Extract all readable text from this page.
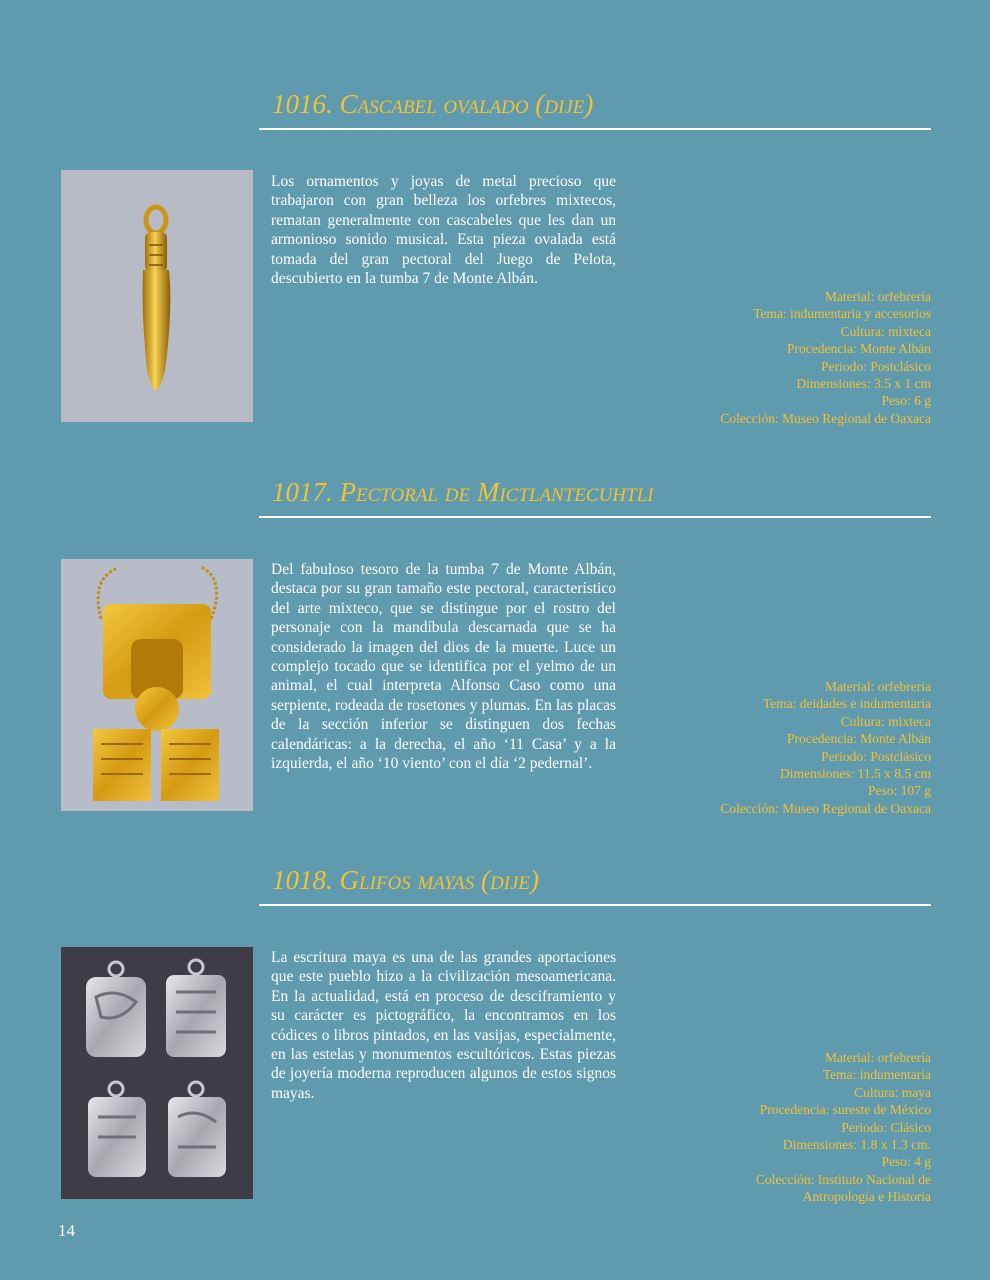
1016. Cascabel ovalado (dije)
Los ornamentos y joyas de metal precioso que trabajaron con gran belleza los orfebres mixtecos, rematan generalmente con cascabeles que les dan un armonioso sonido musical. Esta pieza ovalada está tomada del gran pectoral del Juego de Pelota, descubierto en la tumba 7 de Monte Albán.
Material: orfebrería
Tema: indumentaria y accesorios
Cultura: mixteca
Procedencia: Monte Albán
Periodo: Postclásico
Dimensiones: 3.5 x 1 cm
Peso: 6 g
Colección: Museo Regional de Oaxaca
1017. Pectoral de Mictlantecuhtli
Del fabuloso tesoro de la tumba 7 de Monte Albán, destaca por su gran tamaño este pectoral, característico del arte mixteco, que se distingue por el rostro del personaje con la mandíbula descarnada que se ha considerado la imagen del dios de la muerte. Luce un complejo tocado que se identifica por el yelmo de un animal, el cual interpreta Alfonso Caso como una serpiente, rodeada de rosetones y plumas. En las placas de la sección inferior se distinguen dos fechas calendáricas: a la derecha, el año ‘11 Casa’ y a la izquierda, el año ‘10 viento’ con el día ‘2 pedernal’.
Material: orfebrería
Tema: deidades e indumentaria
Cultura: mixteca
Procedencia: Monte Albán
Periodo: Postclásico
Dimensiones: 11.5 x 8.5 cm
Peso: 107 g
Colección: Museo Regional de Oaxaca
1018. Glifos mayas (dije)
La escritura maya es una de las grandes aportaciones que este pueblo hizo a la civilización mesoamericana. En la actualidad, está en proceso de desciframiento y su carácter es pictográfico, la encontramos en los códices o libros pintados, en las vasijas, especialmente, en las estelas y monumentos escultóricos. Estas piezas de joyería moderna reproducen algunos de estos signos mayas.
Material: orfebrería
Tema: indumentaria
Cultura: maya
Procedencia: sureste de México
Periodo: Clásico
Dimensiones: 1.8 x 1.3 cm.
Peso: 4 g
Colección: Instituto Nacional de
Antropología e Historia
14
